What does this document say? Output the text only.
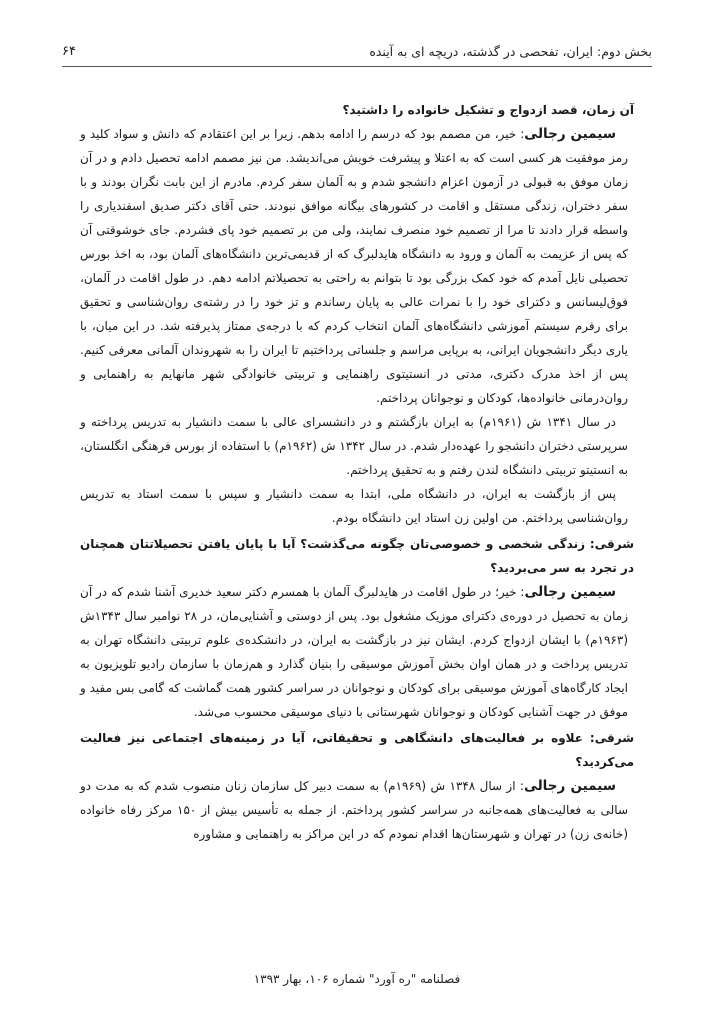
بخش دوم: ایران، تفحصی در گذشته، دریچه ای به آینده
۶۴
آن زمان، قصد ازدواج و تشکیل خانواده را داشتید؟

سیمین رجالی: خیر، من مصمم بود که درسم را ادامه بدهم. زیرا بر این اعتقادم که دانش و سواد کلید و رمز موفقیت هر کسی است که به اعتلا و پیشرفت خویش می‌اندیشد. من نیز مصمم ادامه تحصیل دادم و در آن زمان موفق به قبولی در آزمون اعزام دانشجو شدم و به آلمان سفر کردم. مادرم از این بابت نگران بودند و با سفر دختران، زندگی مستقل و اقامت در کشورهای بیگانه موافق نبودند. حتی آقای دکتر صدیق اسفندیاری را واسطه قرار دادند تا مرا از تصمیم خود منصرف نمایند، ولی من بر تصمیم خود پای فشردم. جای خوشوقتی آن که پس از عزیمت به آلمان و ورود به دانشگاه هایدلبرگ که از قدیمی‌ترین دانشگاه‌های آلمان بود، به اخذ بورس تحصیلی نایل آمدم که خود کمک بزرگی بود تا بتوانم به راحتی به تحصیلاتم ادامه دهم. در طول اقامت در آلمان، فوق‌لیسانس و دکترای خود را با نمرات عالی به پایان رساندم و تز خود را در رشته‌ی روان‌شناسی و تحقیق برای رفرم سیستم آموزشی دانشگاه‌های آلمان انتخاب کردم که با درجه‌ی ممتاز پذیرفته شد. در این میان، با یاری دیگر دانشجویان ایرانی، به برپایی مراسم و جلساتی پرداختیم تا ایران را به شهروندان آلمانی معرفی کنیم. پس از اخذ مدرک دکتری، مدتی در انستیتوی راهنمایی و تربیتی خانوادگی شهر مانهایم به راهنمایی و روان‌درمانی خانواده‌ها، کودکان و نوجوانان پرداختم.

در سال ۱۳۴۱ ش (۱۹۶۱م) به ایران بازگشتم و در دانشسرای عالی با سمت دانشیار به تدریس پرداخته و سرپرستی دختران دانشجو را عهده‌دار شدم. در سال ۱۳۴۲ ش (۱۹۶۲م) با استفاده از بورس فرهنگی انگلستان، به انستیتو تربیتی دانشگاه لندن رفتم و به تحقیق پرداختم.

پس از بازگشت به ایران، در دانشگاه ملی، ابتدا به سمت دانشیار و سپس با سمت استاد به تدریس روان‌شناسی پرداختم. من اولین زن استاد این دانشگاه بودم.

شرقی: زندگی شخصی و خصوصی‌تان چگونه می‌گذشت؟ آیا با پایان یافتن تحصیلاتتان همچنان در تجرد به سر می‌بردید؟

سیمین رجالی: خیر؛ در طول اقامت در هایدلبرگ آلمان با همسرم دکتر سعید خدیری آشنا شدم که در آن زمان به تحصیل در دوره‌ی دکترای موزیک مشغول بود. پس از دوستی و آشنایی‌مان، در ۲۸ نوامبر سال ۱۳۴۳ش (۱۹۶۳م) با ایشان ازدواج کردم. ایشان نیز در بازگشت به ایران، در دانشکده‌ی علوم تربیتی دانشگاه تهران به تدریس پرداخت و در همان اوان بخش آموزش موسیقی را بنیان گذارد و هم‌زمان با سازمان رادیو تلویزیون به ایجاد کارگاه‌های آموزش موسیقی برای کودکان و نوجوانان در سراسر کشور همت گماشت که گامی بس مفید و موفق در جهت آشنایی کودکان و نوجوانان شهرستانی با دنیای موسیقی محسوب می‌شد.

شرقی: علاوه بر فعالیت‌های دانشگاهی و تحقیقاتی، آیا در زمینه‌های اجتماعی نیز فعالیت می‌کردید؟

سیمین رجالی: از سال ۱۳۴۸ ش (۱۹۶۹م) به سمت دبیر کل سازمان زنان منصوب شدم که به مدت دو سالی به فعالیت‌های همه‌جانبه در سراسر کشور پرداختم. از جمله به تأسیس بیش از ۱۵۰ مرکز رفاه خانواده (خانه‌ی زن) در تهران و شهرستان‌ها اقدام نمودم که در این مراکز به راهنمایی و مشاوره

فصلنامه "ره آورد" شماره ۱۰۶، بهار ۱۳۹۳
